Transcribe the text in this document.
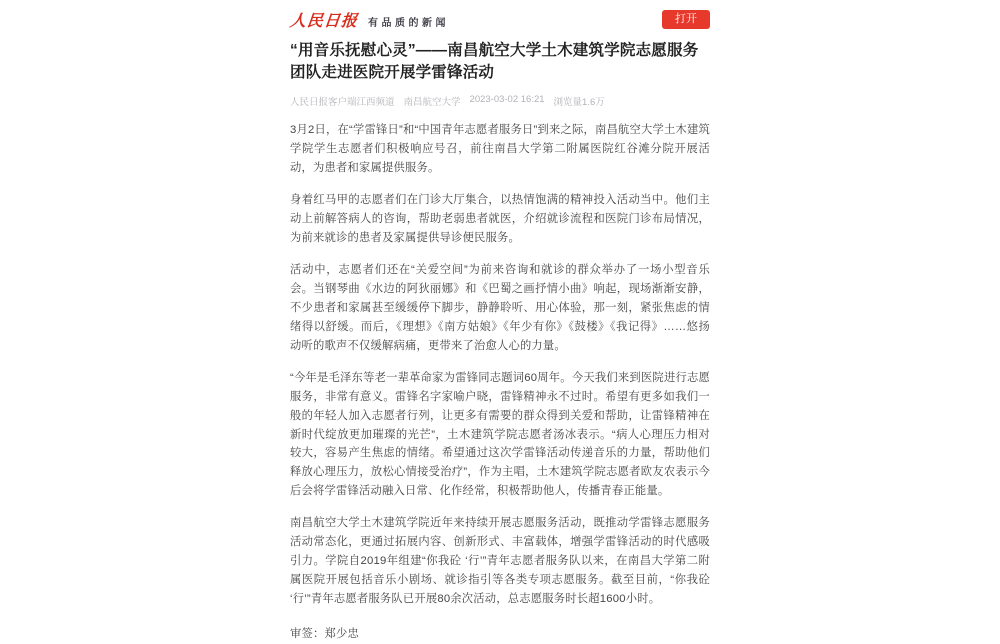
人民日报 有品质的新闻	打开
“用音乐抚慰心灵”——南昌航空大学土木建筑学院志愿服务团队走进医院开展学雷锋活动
人民日报客户端江西频道 南昌航空大学 2023-03-02 16:21 浏览量1.6万

3月2日，在“学雷锋日”和“中国青年志愿者服务日”到来之际，南昌航空大学土木建筑学院学生志愿者们积极响应号召，前往南昌大学第二附属医院红谷滩分院开展活动，为患者和家属提供服务。

身着红马甲的志愿者们在门诊大厅集合，以热情饱满的精神投入活动当中。他们主动上前解答病人的咨询，帮助老弱患者就医，介绍就诊流程和医院门诊布局情况，为前来就诊的患者及家属提供导诊便民服务。

活动中，志愿者们还在“关爱空间”为前来咨询和就诊的群众举办了一场小型音乐会。当钢琴曲《水边的阿狄丽娜》和《巴蜀之画抒情小曲》响起，现场渐渐安静，不少患者和家属甚至缓缓停下脚步，静静聆听、用心体验，那一刻，紧张焦虑的情绪得以舒缓。而后，《理想》《南方姑娘》《年少有你》《鼓楼》《我记得》……悠扬动听的歌声不仅缓解病痛，更带来了治愈人心的力量。

“今年是毛泽东等老一辈革命家为雷锋同志题词60周年。今天我们来到医院进行志愿服务，非常有意义。雷锋名字家喻户晓，雷锋精神永不过时。希望有更多如我们一般的年轻人加入志愿者行列，让更多有需要的群众得到关爱和帮助，让雷锋精神在新时代绽放更加璀璨的光芒”，土木建筑学院志愿者汤冰表示。“病人心理压力相对较大，容易产生焦虑的情绪。希望通过这次学雷锋活动传递音乐的力量，帮助他们释放心理压力，放松心情接受治疗”，作为主唱，土木建筑学院志愿者欧友农表示今后会将学雷锋活动融入日常、化作经常，积极帮助他人，传播青春正能量。

南昌航空大学土木建筑学院近年来持续开展志愿服务活动，既推动学雷锋志愿服务活动常态化，更通过拓展内容、创新形式、丰富载体，增强学雷锋活动的时代感吸引力。学院自2019年组建“你我砼 ‘行’”青年志愿者服务队以来，在南昌大学第二附属医院开展包括音乐小剧场、就诊指引等各类专项志愿服务。截至目前，“你我砼 ‘行’”青年志愿者服务队已开展80余次活动，总志愿服务时长超1600小时。

审签：郑少忠
